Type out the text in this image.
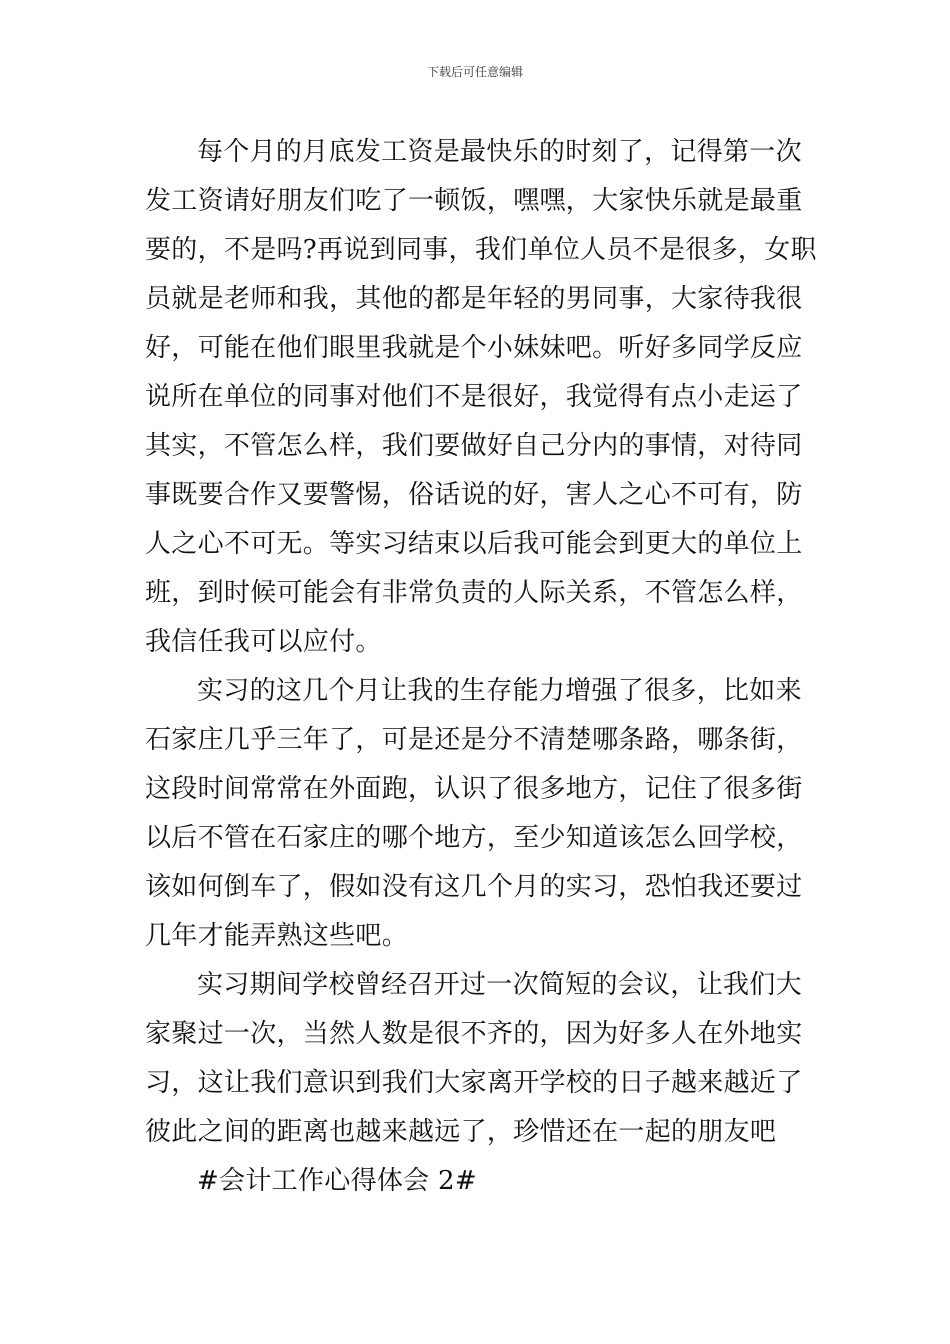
下载后可任意编辑
每个月的月底发工资是最快乐的时刻了，记得第一次
发工资请好朋友们吃了一顿饭，嘿嘿，大家快乐就是最重
要的，不是吗?再说到同事，我们单位人员不是很多，女职
员就是老师和我，其他的都是年轻的男同事，大家待我很
好，可能在他们眼里我就是个小妹妹吧。听好多同学反应
说所在单位的同事对他们不是很好，我觉得有点小走运了
其实，不管怎么样，我们要做好自己分内的事情，对待同
事既要合作又要警惕，俗话说的好，害人之心不可有，防
人之心不可无。等实习结束以后我可能会到更大的单位上
班，到时候可能会有非常负责的人际关系，不管怎么样，
我信任我可以应付。
实习的这几个月让我的生存能力增强了很多，比如来
石家庄几乎三年了，可是还是分不清楚哪条路，哪条街，
这段时间常常在外面跑，认识了很多地方，记住了很多街
以后不管在石家庄的哪个地方，至少知道该怎么回学校，
该如何倒车了，假如没有这几个月的实习，恐怕我还要过
几年才能弄熟这些吧。
实习期间学校曾经召开过一次简短的会议，让我们大
家聚过一次，当然人数是很不齐的，因为好多人在外地实
习，这让我们意识到我们大家离开学校的日子越来越近了
彼此之间的距离也越来越远了，珍惜还在一起的朋友吧
#会计工作心得体会 2#
